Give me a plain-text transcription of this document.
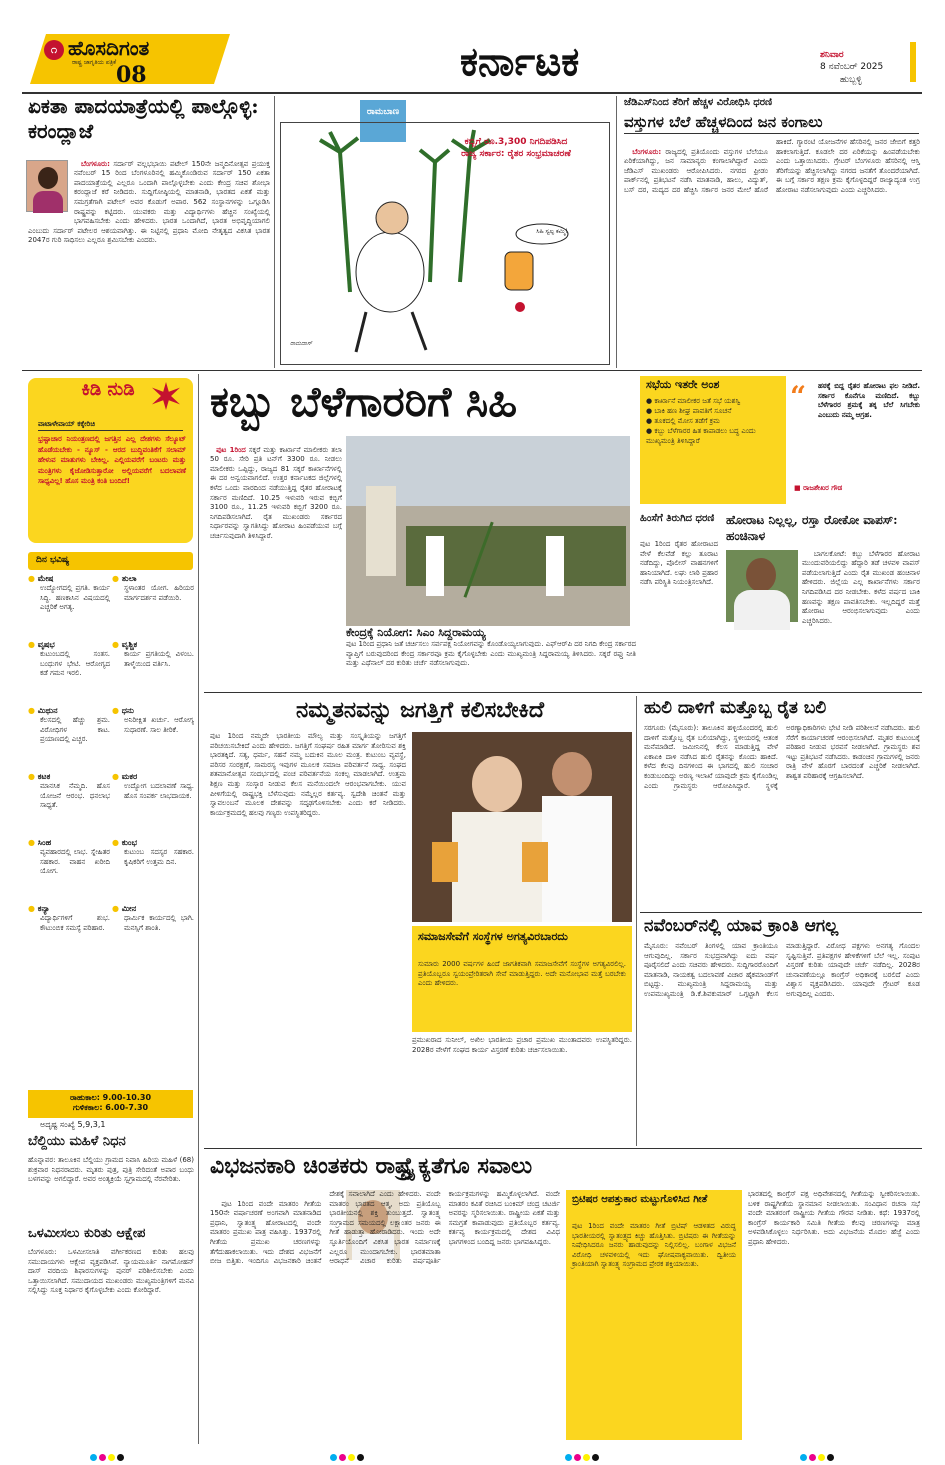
೧ ಹೊಸದಿಗಂತ
ರಾಷ್ಟ್ರ ಜಾಗೃತಿಯ ಪತ್ರಿಕೆ 08	ಕರ್ನಾಟಕ	ಶನಿವಾರ
8 ನವೆಂಬರ್ 2025
ಹುಬ್ಬಳ್ಳಿ
ಏಕತಾ ಪಾದಯಾತ್ರೆಯಲ್ಲಿ ಪಾಲ್ಗೊಳ್ಳಿ: ಕರಂದ್ಲಾಜೆ

ಬೆಂಗಳೂರು: ಸರ್ದಾರ್ ವಲ್ಲಭಭಾಯಿ ಪಟೇಲ್ 150ನೇ ಜನ್ಮದಿನೋತ್ಸವ ಪ್ರಯುಕ್ತ ನವೆಂಬರ್ 15 ರಿಂದ ಬೆಂಗಳೂರಿನಲ್ಲಿ ಹಮ್ಮಿಕೊಂಡಿರುವ ಸರ್ದಾರ್ 150 ಏಕತಾ ಪಾದಯಾತ್ರೆಯಲ್ಲಿ ಎಲ್ಲರೂ ಒಂದಾಗಿ ಪಾಲ್ಗೊಳ್ಳಬೇಕು ಎಂದು ಕೇಂದ್ರ ಸಚಿವ ಶೋಭಾ ಕರಂದ್ಲಾಜೆ ಕರೆ ನೀಡಿದರು. ಸುದ್ದಿಗೋಷ್ಠಿಯಲ್ಲಿ ಮಾತನಾಡಿ, ಭಾರತದ ಏಕತೆ ಮತ್ತು ಸಮಗ್ರತೆಗಾಗಿ ಪಟೇಲ್ ಅವರ ಕೊಡುಗೆ ಅಪಾರ. 562 ಸಂಸ್ಥಾನಗಳನ್ನು ಒಗ್ಗೂಡಿಸಿ ರಾಷ್ಟ್ರವನ್ನು ಕಟ್ಟಿದರು. ಯುವಕರು ಮತ್ತು ವಿದ್ಯಾರ್ಥಿಗಳು ಹೆಚ್ಚಿನ ಸಂಖ್ಯೆಯಲ್ಲಿ ಭಾಗವಹಿಸಬೇಕು ಎಂದು ಹೇಳಿದರು. ಭಾರತ ಒಂದಾಗಿದೆ, ಭಾರತ ಅಭಿವೃದ್ಧಿಯಾಗಲಿ ಎಂಬುದು ಸರ್ದಾರ್ ಪಟೇಲರ ಆಶಯವಾಗಿತ್ತು. ಈ ನಿಟ್ಟಿನಲ್ಲಿ ಪ್ರಧಾನಿ ಮೋದಿ ನೇತೃತ್ವದ ವಿಕಸಿತ ಭಾರತ 2047ರ ಗುರಿ ಸಾಧಿಸಲು ಎಲ್ಲರೂ ಶ್ರಮಿಸಬೇಕು ಎಂದರು.

ರಾಮಬಾಣ
ಕಬ್ಬಿಗೆ ರೂ.3,300 ನಿಗದಿಪಡಿಸಿದ ರಾಜ್ಯ ಸರ್ಕಾರ: ರೈತರ ಸಂಭ್ರಮಾಚರಣೆ
ಸಿಹಿ ಸ್ವಲ್ಪ ಕಮ್ಮಿ!
ರಾಮದಾಸ್
ಜೆಡಿಎಸ್‌ನಿಂದ ತೆರಿಗೆ ಹೆಚ್ಚಳ ವಿರೋಧಿಸಿ ಧರಣಿ
ವಸ್ತುಗಳ ಬೆಲೆ ಹೆಚ್ಚಳದಿಂದ ಜನ ಕಂಗಾಲು

ಬೆಂಗಳೂರು: ರಾಜ್ಯದಲ್ಲಿ ಪ್ರತಿಯೊಂದು ವಸ್ತುಗಳ ಬೆಲೆಯೂ ಏರಿಕೆಯಾಗಿದ್ದು, ಜನ ಸಾಮಾನ್ಯರು ಕಂಗಾಲಾಗಿದ್ದಾರೆ ಎಂದು ಜೆಡಿಎಸ್ ಮುಖಂಡರು ಆರೋಪಿಸಿದರು. ನಗರದ ಫ್ರೀಡಂ ಪಾರ್ಕ್‌ನಲ್ಲಿ ಪ್ರತಿಭಟನೆ ನಡೆಸಿ ಮಾತನಾಡಿ, ಹಾಲು, ವಿದ್ಯುತ್, ಬಸ್ ದರ, ಮದ್ಯದ ದರ ಹೆಚ್ಚಿಸಿ ಸರ್ಕಾರ ಜನರ ಮೇಲೆ ಹೊರೆ ಹಾಕಿದೆ. ಗ್ಯಾರಂಟಿ ಯೋಜನೆಗಳ ಹೆಸರಿನಲ್ಲಿ ಜನರ ಜೇಬಿಗೆ ಕತ್ತರಿ ಹಾಕಲಾಗುತ್ತಿದೆ. ಕೂಡಲೇ ದರ ಏರಿಕೆಯನ್ನು ಹಿಂಪಡೆಯಬೇಕು ಎಂದು ಒತ್ತಾಯಿಸಿದರು. ಗ್ರೇಟರ್ ಬೆಂಗಳೂರು ಹೆಸರಿನಲ್ಲಿ ಆಸ್ತಿ ತೆರಿಗೆಯನ್ನು ಹೆಚ್ಚಿಸಲಾಗಿದ್ದು ನಗರದ ಜನತೆಗೆ ತೊಂದರೆಯಾಗಿದೆ. ಈ ಬಗ್ಗೆ ಸರ್ಕಾರ ತಕ್ಷಣ ಕ್ರಮ ಕೈಗೊಳ್ಳದಿದ್ದರೆ ರಾಜ್ಯಾದ್ಯಂತ ಉಗ್ರ ಹೋರಾಟ ನಡೆಸಲಾಗುವುದು ಎಂದು ಎಚ್ಚರಿಸಿದರು.

ಕಿಡಿ ನುಡಿ
ವಾಟಾಳೇವಾಯ್ ಕಕ್ಕೇರಿಚಿ
ಭ್ರಷ್ಟಾಚಾರ ನಿಯಂತ್ರಣದಲ್ಲಿ ಜಗತ್ತಿನ ಎಲ್ಲ ದೇಶಗಳು ಸೆಲ್ಯೂಟ್ ಹೊಡೆಯಬೇಕು - ನ್ಯೂಸ್ - ಆರದ ಬುದ್ಧಿವಂತಿಕೆಗೆ ಸಲಾಮ್ ಹೇಳುವ ಮಾತುಗಳು ಬೇಕಿಲ್ಲ. ಎಲ್ಲಿಯವರೆಗೆ ಬಂಟರು ಮತ್ತು ಮಂತ್ರಿಗಳು ಕೈಜೋಡಿಸುತ್ತಾರೋ ಅಲ್ಲಿಯವರೆಗೆ ಬದಲಾವಣೆ ಸಾಧ್ಯವಿಲ್ಲ! ಹೊಸ ಮಂತ್ರಿ ಕಂತಿ ಬಂದಿದೆ!
ದಿನ ಭವಿಷ್ಯ
● ಮೇಷ
ಉದ್ಯೋಗದಲ್ಲಿ ಪ್ರಗತಿ. ಕಾರ್ಯ ಸಿದ್ಧಿ. ಹಣಕಾಸಿನ ವಿಷಯದಲ್ಲಿ ಎಚ್ಚರಿಕೆ ಅಗತ್ಯ.
● ವೃಷಭ
ಕುಟುಂಬದಲ್ಲಿ ಸಂತಸ. ಬಂಧುಗಳ ಭೇಟಿ. ಆರೋಗ್ಯದ ಕಡೆ ಗಮನ ಇರಲಿ.
● ಮಿಥುನ
ಕೆಲಸದಲ್ಲಿ ಹೆಚ್ಚು ಶ್ರಮ. ವಿರೋಧಿಗಳ ಕಾಟ. ಪ್ರಯಾಣದಲ್ಲಿ ಎಚ್ಚರ.
● ಕಟಕ
ಮಾನಸಿಕ ನೆಮ್ಮದಿ. ಹೊಸ ಯೋಜನೆ ಆರಂಭ. ಧನಲಾಭ ಸಾಧ್ಯತೆ.
● ಸಿಂಹ
ವ್ಯವಹಾರದಲ್ಲಿ ಲಾಭ. ಸ್ನೇಹಿತರ ಸಹಕಾರ. ವಾಹನ ಖರೀದಿ ಯೋಗ.
● ಕನ್ಯಾ
ವಿದ್ಯಾರ್ಥಿಗಳಿಗೆ ಶುಭ. ಕೌಟುಂಬಿಕ ಸಮಸ್ಯೆ ಪರಿಹಾರ.
● ತುಲಾ
ಸ್ಥಳಾಂತರ ಯೋಗ. ಹಿರಿಯರ ಮಾರ್ಗದರ್ಶನ ಪಡೆಯಿರಿ.
● ವೃಶ್ಚಿಕ
ಕಾರ್ಯ ಪ್ರಗತಿಯಲ್ಲಿ ವಿಳಂಬ. ತಾಳ್ಮೆಯಿಂದ ವರ್ತಿಸಿ.
● ಧನು
ಅನಿರೀಕ್ಷಿತ ಖರ್ಚು. ಆರೋಗ್ಯ ಸುಧಾರಣೆ. ಸಾಲ ತೀರಿಕೆ.
● ಮಕರ
ಉದ್ಯೋಗ ಬದಲಾವಣೆ ಸಾಧ್ಯ. ಹೊಸ ಸಂಪರ್ಕ ಲಾಭದಾಯಕ.
● ಕುಂಭ
ಕುಟುಂಬ ಸದಸ್ಯರ ಸಹಕಾರ. ಕೃಷಿಕರಿಗೆ ಉತ್ತಮ ದಿನ.
● ಮೀನ
ಧಾರ್ಮಿಕ ಕಾರ್ಯದಲ್ಲಿ ಭಾಗಿ. ಮನಸ್ಸಿಗೆ ಶಾಂತಿ.
ರಾಹುಕಾಲ: 9.00-10.30
ಗುಳಿಕಕಾಲ: 6.00-7.30
ಅದೃಷ್ಟ ಸಂಖ್ಯೆ 5,9,3,1
ಬೆಲ್ದಿಯು ಮಹಿಳೆ ನಿಧನ
ಹೊನ್ನಾವರ: ತಾಲೂಕಿನ ಬೆಲ್ದಿಯು ಗ್ರಾಮದ ನಿವಾಸಿ ಹಿರಿಯ ಮಹಿಳೆ (68) ಶುಕ್ರವಾರ ನಿಧನರಾದರು. ಮೃತರು ಪುತ್ರ, ಪುತ್ರಿ ಸೇರಿದಂತೆ ಅಪಾರ ಬಂಧು ಬಳಗವನ್ನು ಅಗಲಿದ್ದಾರೆ. ಅವರ ಅಂತ್ಯಕ್ರಿಯೆ ಸ್ವಗ್ರಾಮದಲ್ಲಿ ನೆರವೇರಿತು.
ಒಳಮೀಸಲು ಕುರಿತು ಆಕ್ಷೇಪ
ಬೆಂಗಳೂರು: ಒಳಮೀಸಲಾತಿ ವರ್ಗೀಕರಣದ ಕುರಿತು ಹಲವು ಸಮುದಾಯಗಳು ಆಕ್ಷೇಪ ವ್ಯಕ್ತಪಡಿಸಿವೆ. ನ್ಯಾಯಮೂರ್ತಿ ನಾಗಮೋಹನ್ ದಾಸ್ ವರದಿಯ ಶಿಫಾರಸುಗಳನ್ನು ಪುನರ್ ಪರಿಶೀಲಿಸಬೇಕು ಎಂದು ಒತ್ತಾಯಿಸಲಾಗಿದೆ. ಸಮುದಾಯದ ಮುಖಂಡರು ಮುಖ್ಯಮಂತ್ರಿಗಳಿಗೆ ಮನವಿ ಸಲ್ಲಿಸಿದ್ದು ಸೂಕ್ತ ನಿರ್ಧಾರ ಕೈಗೊಳ್ಳಬೇಕು ಎಂದು ಕೋರಿದ್ದಾರೆ.
ಕಬ್ಬು ಬೆಳೆಗಾರರಿಗೆ ಸಿಹಿ

ಪುಟ 1ರಿಂದ ಸಕ್ಕರೆ ಮತ್ತು ಕಾರ್ಖಾನೆ ಮಾಲೀಕರು ತಲಾ 50 ರೂ. ಸೇರಿ ಪ್ರತಿ ಟನ್‌ಗೆ 3300 ರೂ. ನೀಡಲು ಮಾಲೀಕರು ಒಪ್ಪಿದ್ದು, ರಾಜ್ಯದ 81 ಸಕ್ಕರೆ ಕಾರ್ಖಾನೆಗಳಲ್ಲಿ ಈ ದರ ಅನ್ವಯವಾಗಲಿದೆ. ಉತ್ತರ ಕರ್ನಾಟಕದ ಜಿಲ್ಲೆಗಳಲ್ಲಿ ಕಳೆದ ಒಂದು ವಾರದಿಂದ ನಡೆಯುತ್ತಿದ್ದ ರೈತರ ಹೋರಾಟಕ್ಕೆ ಸರ್ಕಾರ ಮಣಿದಿದೆ. 10.25 ಇಳುವರಿ ಇರುವ ಕಬ್ಬಿಗೆ 3100 ರೂ., 11.25 ಇಳುವರಿ ಕಬ್ಬಿಗೆ 3200 ರೂ. ನಿಗದಿಪಡಿಸಲಾಗಿದೆ. ರೈತ ಮುಖಂಡರು ಸರ್ಕಾರದ ನಿರ್ಧಾರವನ್ನು ಸ್ವಾಗತಿಸಿದ್ದು ಹೋರಾಟ ಹಿಂಪಡೆಯುವ ಬಗ್ಗೆ ಚರ್ಚಿಸುವುದಾಗಿ ತಿಳಿಸಿದ್ದಾರೆ.

ಕೇಂದ್ರಕ್ಕೆ ನಿಯೋಗ: ಸಿಎಂ ಸಿದ್ದರಾಮಯ್ಯ
ಪುಟ 1ರಿಂದ ಪ್ರಧಾನಿ ಜತೆ ಚರ್ಚಿಸಲು ಸರ್ವಪಕ್ಷ ನಿಯೋಗವನ್ನು ಕೊಂಡೊಯ್ಯಲಾಗುವುದು. ಎಫ್‌ಆರ್‌ಪಿ ದರ ನಿಗದಿ ಕೇಂದ್ರ ಸರ್ಕಾರದ ವ್ಯಾಪ್ತಿಗೆ ಬರುವುದರಿಂದ ಕೇಂದ್ರ ಸರ್ಕಾರವೂ ಕ್ರಮ ಕೈಗೊಳ್ಳಬೇಕು ಎಂದು ಮುಖ್ಯಮಂತ್ರಿ ಸಿದ್ದರಾಮಯ್ಯ ತಿಳಿಸಿದರು. ಸಕ್ಕರೆ ರಫ್ತು ನೀತಿ ಮತ್ತು ಎಥೆನಾಲ್ ದರ ಕುರಿತು ಚರ್ಚೆ ನಡೆಸಲಾಗುವುದು.
ಸಭೆಯ ಇತರೇ ಅಂಶ
● ಕಾರ್ಖಾನೆ ಮಾಲೀಕರ ಜತೆ ಸಭೆ ಯಶಸ್ವಿ
● ಬಾಕಿ ಹಣ ಶೀಘ್ರ ಪಾವತಿಗೆ ಸೂಚನೆ
● ತೂಕದಲ್ಲಿ ಮೋಸ ತಡೆಗೆ ಕ್ರಮ
● ಕಬ್ಬು ಬೆಳೆಗಾರರ ಹಿತ ಕಾಪಾಡಲು ಬದ್ಧ ಎಂದು ಮುಖ್ಯಮಂತ್ರಿ ತಿಳಿಸಿದ್ದಾರೆ
“ ಹಠಕ್ಕೆ ಬಿದ್ದ ರೈತರ ಹೋರಾಟ ಫಲ ನೀಡಿದೆ. ಸರ್ಕಾರ ಕೊನೆಗೂ ಮಣಿದಿದೆ. ಕಬ್ಬು ಬೆಳೆಗಾರರ ಶ್ರಮಕ್ಕೆ ತಕ್ಕ ಬೆಲೆ ಸಿಗಬೇಕು ಎಂಬುದು ನಮ್ಮ ಆಗ್ರಹ.
■ ರಾಜಶೇಖರ ಗೌಡ
ಹಿಂಸೆಗೆ ತಿರುಗಿದ ಧರಣಿ
ಪುಟ 1ರಿಂದ ರೈತರ ಹೋರಾಟದ ವೇಳೆ ಕೆಲವೆಡೆ ಕಲ್ಲು ತೂರಾಟ ನಡೆದಿದ್ದು, ಪೊಲೀಸ್ ವಾಹನಗಳಿಗೆ ಹಾನಿಯಾಗಿದೆ. ಲಘು ಲಾಠಿ ಪ್ರಹಾರ ನಡೆಸಿ ಪರಿಸ್ಥಿತಿ ನಿಯಂತ್ರಿಸಲಾಗಿದೆ.
ಹೋರಾಟ ನಿಲ್ಲಲ್ಲ, ರಸ್ತಾ ರೋಕೋ ವಾಪಸ್: ಹಂಚಿನಾಳ

ಬಾಗಲಕೋಟೆ: ಕಬ್ಬು ಬೆಳೆಗಾರರ ಹೋರಾಟ ಮುಂದುವರಿಯಲಿದ್ದು ಹೆದ್ದಾರಿ ತಡೆ ಚಳವಳಿ ವಾಪಸ್ ಪಡೆಯಲಾಗುತ್ತಿದೆ ಎಂದು ರೈತ ಮುಖಂಡ ಹಂಚಿನಾಳ ಹೇಳಿದರು. ಜಿಲ್ಲೆಯ ಎಲ್ಲ ಕಾರ್ಖಾನೆಗಳು ಸರ್ಕಾರ ನಿಗದಿಪಡಿಸಿದ ದರ ನೀಡಬೇಕು. ಕಳೆದ ವರ್ಷದ ಬಾಕಿ ಹಣವನ್ನು ತಕ್ಷಣ ಪಾವತಿಸಬೇಕು. ಇಲ್ಲದಿದ್ದರೆ ಮತ್ತೆ ಹೋರಾಟ ಆರಂಭಿಸಲಾಗುವುದು ಎಂದು ಎಚ್ಚರಿಸಿದರು.

ನಮ್ಮತನವನ್ನು ಜಗತ್ತಿಗೆ ಕಲಿಸಬೇಕಿದೆ
ಪುಟ 1ರಿಂದ ನಮ್ಮದೇ ಭಾರತೀಯ ಮೌಲ್ಯ ಮತ್ತು ಸಂಸ್ಕೃತಿಯನ್ನು ಜಗತ್ತಿಗೆ ಪರಿಚಯಿಸಬೇಕಿದೆ ಎಂದು ಹೇಳಿದರು. ಜಗತ್ತಿಗೆ ಸಂಘರ್ಷ ರಹಿತ ಮಾರ್ಗ ತೋರಿಸುವ ಶಕ್ತಿ ಭಾರತಕ್ಕಿದೆ. ಸತ್ಯ, ಧರ್ಮ, ಸಹನೆ ನಮ್ಮ ಬದುಕಿನ ಮೂಲ ಮಂತ್ರ. ಕುಟುಂಬ ವ್ಯವಸ್ಥೆ, ಪರಿಸರ ಸಂರಕ್ಷಣೆ, ಸಾಮರಸ್ಯ ಇವುಗಳ ಮೂಲಕ ಸಮಾಜ ಪರಿವರ್ತನೆ ಸಾಧ್ಯ. ಸಂಘದ ಶತಮಾನೋತ್ಸವ ಸಂದರ್ಭದಲ್ಲಿ ಪಂಚ ಪರಿವರ್ತನೆಯ ಸಂಕಲ್ಪ ಮಾಡಲಾಗಿದೆ. ಉತ್ತಮ ಶಿಕ್ಷಣ ಮತ್ತು ಸಂಸ್ಕಾರ ನೀಡುವ ಕೆಲಸ ಮನೆಯಿಂದಲೇ ಆರಂಭವಾಗಬೇಕು. ಯುವ ಪೀಳಿಗೆಯಲ್ಲಿ ರಾಷ್ಟ್ರಭಕ್ತಿ ಬೆಳೆಸುವುದು ನಮ್ಮೆಲ್ಲರ ಕರ್ತವ್ಯ. ಸ್ವದೇಶಿ ಚಿಂತನೆ ಮತ್ತು ಸ್ವಾವಲಂಬನೆ ಮೂಲಕ ದೇಶವನ್ನು ಸದೃಢಗೊಳಿಸಬೇಕು ಎಂದು ಕರೆ ನೀಡಿದರು. ಕಾರ್ಯಕ್ರಮದಲ್ಲಿ ಹಲವು ಗಣ್ಯರು ಉಪಸ್ಥಿತರಿದ್ದರು.
ಸಮಾಜಸೇವೆಗೆ ಸಂಸ್ಥೆಗಳ ಅಗತ್ಯವಿರಬಾರದು
ಸುಮಾರು 2000 ವರ್ಷಗಳ ಹಿಂದೆ ಜಾಗತಿಕವಾಗಿ ಸಮಾಜಸೇವೆಗೆ ಸಂಸ್ಥೆಗಳ ಅಗತ್ಯವಿರಲಿಲ್ಲ. ಪ್ರತಿಯೊಬ್ಬರೂ ಸ್ವಯಂಪ್ರೇರಿತರಾಗಿ ಸೇವೆ ಮಾಡುತ್ತಿದ್ದರು. ಅದೇ ಮನೋಭಾವ ಮತ್ತೆ ಬರಬೇಕು ಎಂದು ಹೇಳಿದರು.
ಪ್ರಮುಖರಾದ ಸುನೀಲ್, ಅಖಿಲ ಭಾರತೀಯ ಪ್ರಚಾರ ಪ್ರಮುಖ ಮುಂತಾದವರು ಉಪಸ್ಥಿತರಿದ್ದರು. 2028ರ ವೇಳೆಗೆ ಸಂಘದ ಕಾರ್ಯ ವಿಸ್ತರಣೆ ಕುರಿತು ಚರ್ಚಿಸಲಾಯಿತು.
ಹುಲಿ ದಾಳಿಗೆ ಮತ್ತೊಬ್ಬ ರೈತ ಬಲಿ
ಸರಗೂರು (ಮೈಸೂರು): ತಾಲೂಕಿನ ಹಳ್ಳಿಯೊಂದರಲ್ಲಿ ಹುಲಿ ದಾಳಿಗೆ ಮತ್ತೊಬ್ಬ ರೈತ ಬಲಿಯಾಗಿದ್ದು, ಸ್ಥಳೀಯರಲ್ಲಿ ಆತಂಕ ಮನೆಮಾಡಿದೆ. ಜಮೀನಿನಲ್ಲಿ ಕೆಲಸ ಮಾಡುತ್ತಿದ್ದ ವೇಳೆ ಏಕಾಏಕಿ ದಾಳಿ ನಡೆಸಿದ ಹುಲಿ ರೈತನನ್ನು ಕೊಂದು ಹಾಕಿದೆ. ಕಳೆದ ಕೆಲವು ದಿನಗಳಿಂದ ಈ ಭಾಗದಲ್ಲಿ ಹುಲಿ ಸಂಚಾರ ಕಂಡುಬಂದಿದ್ದು ಅರಣ್ಯ ಇಲಾಖೆ ಯಾವುದೇ ಕ್ರಮ ಕೈಗೊಂಡಿಲ್ಲ ಎಂದು ಗ್ರಾಮಸ್ಥರು ಆರೋಪಿಸಿದ್ದಾರೆ. ಸ್ಥಳಕ್ಕೆ ಅರಣ್ಯಾಧಿಕಾರಿಗಳು ಭೇಟಿ ನೀಡಿ ಪರಿಶೀಲನೆ ನಡೆಸಿದರು. ಹುಲಿ ಸೆರೆಗೆ ಕಾರ್ಯಾಚರಣೆ ಆರಂಭಿಸಲಾಗಿದೆ. ಮೃತರ ಕುಟುಂಬಕ್ಕೆ ಪರಿಹಾರ ನೀಡುವ ಭರವಸೆ ನೀಡಲಾಗಿದೆ. ಗ್ರಾಮಸ್ಥರು ಶವ ಇಟ್ಟು ಪ್ರತಿಭಟನೆ ನಡೆಸಿದರು. ಕಾಡಂಚಿನ ಗ್ರಾಮಗಳಲ್ಲಿ ಜನರು ರಾತ್ರಿ ವೇಳೆ ಹೊರಗೆ ಬಾರದಂತೆ ಎಚ್ಚರಿಕೆ ನೀಡಲಾಗಿದೆ. ಶಾಶ್ವತ ಪರಿಹಾರಕ್ಕೆ ಆಗ್ರಹಿಸಲಾಗಿದೆ.
ನವೆಂಬರ್‌ನಲ್ಲಿ ಯಾವ ಕ್ರಾಂತಿ ಆಗಲ್ಲ
ಮೈಸೂರು: ನವೆಂಬರ್ ತಿಂಗಳಲ್ಲಿ ಯಾವ ಕ್ರಾಂತಿಯೂ ಆಗುವುದಿಲ್ಲ. ಸರ್ಕಾರ ಸುಭದ್ರವಾಗಿದ್ದು ಐದು ವರ್ಷ ಪೂರೈಸಲಿದೆ ಎಂದು ಸಚಿವರು ಹೇಳಿದರು. ಸುದ್ದಿಗಾರರೊಂದಿಗೆ ಮಾತನಾಡಿ, ನಾಯಕತ್ವ ಬದಲಾವಣೆ ವಿಚಾರ ಹೈಕಮಾಂಡ್‌ಗೆ ಬಿಟ್ಟದ್ದು. ಮುಖ್ಯಮಂತ್ರಿ ಸಿದ್ದರಾಮಯ್ಯ ಮತ್ತು ಉಪಮುಖ್ಯಮಂತ್ರಿ ಡಿ.ಕೆ.ಶಿವಕುಮಾರ್ ಒಗ್ಗಟ್ಟಾಗಿ ಕೆಲಸ ಮಾಡುತ್ತಿದ್ದಾರೆ. ವಿರೋಧ ಪಕ್ಷಗಳು ಅನಗತ್ಯ ಗೊಂದಲ ಸೃಷ್ಟಿಸುತ್ತಿವೆ. ಪ್ರತಿಪಕ್ಷಗಳ ಹೇಳಿಕೆಗಳಿಗೆ ಬೆಲೆ ಇಲ್ಲ. ಸಂಪುಟ ವಿಸ್ತರಣೆ ಕುರಿತು ಯಾವುದೇ ಚರ್ಚೆ ನಡೆದಿಲ್ಲ. 2028ರ ಚುನಾವಣೆಯಲ್ಲೂ ಕಾಂಗ್ರೆಸ್ ಅಧಿಕಾರಕ್ಕೆ ಬರಲಿದೆ ಎಂದು ವಿಶ್ವಾಸ ವ್ಯಕ್ತಪಡಿಸಿದರು. ಯಾವುದೇ ಗ್ರೇಟರ್ ಕೂಡ ಅಗುವುದಿಲ್ಲ ಎಂದರು.
ವಿಭಜನಕಾರಿ ಚಿಂತಕರು ರಾಷ್ಟ್ರೈಕ್ಯತೆಗೂ ಸವಾಲು

ಪುಟ 1ರಿಂದ ವಂದೇ ಮಾತರಂ ಗೀತೆಯ 150ನೇ ವರ್ಷಾಚರಣೆ ಅಂಗವಾಗಿ ಮಾತನಾಡಿದ ಪ್ರಧಾನಿ, ಸ್ವಾತಂತ್ರ್ಯ ಹೋರಾಟದಲ್ಲಿ ವಂದೇ ಮಾತರಂ ಪ್ರಮುಖ ಪಾತ್ರ ವಹಿಸಿತ್ತು. 1937ರಲ್ಲಿ ಗೀತೆಯ ಪ್ರಮುಖ ಚರಣಗಳನ್ನು ತೆಗೆದುಹಾಕಲಾಯಿತು. ಇದು ದೇಶದ ವಿಭಜನೆಗೆ ಬೀಜ ಬಿತ್ತಿತು. ಇಂದಿಗೂ ವಿಭಜನಕಾರಿ ಚಿಂತನೆ ದೇಶಕ್ಕೆ ಸವಾಲಾಗಿದೆ ಎಂದು ಹೇಳಿದರು. ವಂದೇ ಮಾತರಂ ಭಾರತದ ಆತ್ಮ, ಅದು ಪ್ರತಿಯೊಬ್ಬ ಭಾರತೀಯನಲ್ಲಿ ಶಕ್ತಿ ತುಂಬುತ್ತದೆ. ಸ್ವಾತಂತ್ರ್ಯ ಸಂಗ್ರಾಮದ ಸಮಯದಲ್ಲಿ ಲಕ್ಷಾಂತರ ಜನರು ಈ ಗೀತೆ ಹಾಡುತ್ತಾ ಹೋರಾಡಿದರು. ಇಂದು ಅದೇ ಸ್ಫೂರ್ತಿಯೊಂದಿಗೆ ವಿಕಸಿತ ಭಾರತ ನಿರ್ಮಾಣಕ್ಕೆ ಎಲ್ಲರೂ ಮುಂದಾಗಬೇಕು. ಭಾರತಮಾತಾ ಆರಾಧನೆ ವಿಚಾರ ಕುರಿತು ವರ್ಷಪೂರ್ತಿ ಕಾರ್ಯಕ್ರಮಗಳನ್ನು ಹಮ್ಮಿಕೊಳ್ಳಲಾಗಿದೆ. ವಂದೇ ಮಾತರಂ ಕವಿತೆ ರಚಿಸಿದ ಬಂಕಿಮ್ ಚಂದ್ರ ಚಟರ್ಜಿ ಅವರನ್ನು ಸ್ಮರಿಸಲಾಯಿತು. ರಾಷ್ಟ್ರೀಯ ಏಕತೆ ಮತ್ತು ಸಮಗ್ರತೆ ಕಾಪಾಡುವುದು ಪ್ರತಿಯೊಬ್ಬರ ಕರ್ತವ್ಯ. ಕರ್ತವ್ಯ ಕಾರ್ಯಕ್ರಮದಲ್ಲಿ ದೇಶದ ವಿವಿಧ ಭಾಗಗಳಿಂದ ಬಂದಿದ್ದ ಜನರು ಭಾಗವಹಿಸಿದ್ದರು.

ಬ್ರಿಟಿಷರ ಆಪತ್ತುಕಾರ ಮಟ್ಟುಗೊಳಿಸಿದ ಗೀತೆ
ಪುಟ 1ರಿಂದ ವಂದೇ ಮಾತರಂ ಗೀತೆ ಬ್ರಿಟಿಷ್ ಆಡಳಿತದ ವಿರುದ್ಧ ಭಾರತೀಯರಲ್ಲಿ ಸ್ವಾತಂತ್ರ್ಯದ ಕಿಚ್ಚು ಹೊತ್ತಿಸಿತು. ಬ್ರಿಟಿಷರು ಈ ಗೀತೆಯನ್ನು ನಿಷೇಧಿಸಿದರೂ ಜನರು ಹಾಡುವುದನ್ನು ನಿಲ್ಲಿಸಲಿಲ್ಲ. ಬಂಗಾಳ ವಿಭಜನೆ ವಿರೋಧಿ ಚಳವಳಿಯಲ್ಲಿ ಇದು ಘೋಷವಾಕ್ಯವಾಯಿತು. ದ್ವಿತೀಯ ಕ್ರಾಂತಿಯಾಗಿ ಸ್ವಾತಂತ್ರ್ಯ ಸಂಗ್ರಾಮದ ಪ್ರೇರಕ ಶಕ್ತಿಯಾಯಿತು.
ಭಾರತದಲ್ಲಿ ಕಾಂಗ್ರೆಸ್ ಪಕ್ಷ ಅಧಿವೇಶನದಲ್ಲಿ ಗೀತೆಯನ್ನು ಸ್ವೀಕರಿಸಲಾಯಿತು. ಬಳಿಕ ರಾಷ್ಟ್ರಗೀತೆಯ ಸ್ಥಾನಮಾನ ನೀಡಲಾಯಿತು. ಸಂವಿಧಾನ ರಚನಾ ಸಭೆ ವಂದೇ ಮಾತರಂಗೆ ರಾಷ್ಟ್ರೀಯ ಗೀತೆಯ ಗೌರವ ನೀಡಿತು. ಕಥೆ: 1937ರಲ್ಲಿ ಕಾಂಗ್ರೆಸ್ ಕಾರ್ಯಕಾರಿ ಸಮಿತಿ ಗೀತೆಯ ಕೆಲವು ಚರಣಗಳನ್ನು ಮಾತ್ರ ಅಳವಡಿಸಿಕೊಳ್ಳಲು ನಿರ್ಧರಿಸಿತು. ಅದು ವಿಭಜನೆಯ ಮೊದಲ ಹೆಜ್ಜೆ ಎಂದು ಪ್ರಧಾನಿ ಹೇಳಿದರು.
